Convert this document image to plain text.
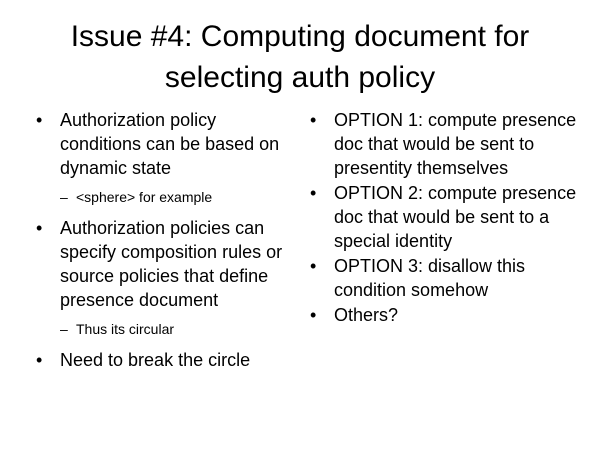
Issue #4: Computing document for
selecting auth policy
• Authorization policy conditions can be based on dynamic state
– <sphere> for example
• Authorization policies can specify composition rules or source policies that define presence document
– Thus its circular
• Need to break the circle
• OPTION 1: compute presence doc that would be sent to presentity themselves
• OPTION 2: compute presence doc that would be sent to a special identity
• OPTION 3: disallow this condition somehow
• Others?
